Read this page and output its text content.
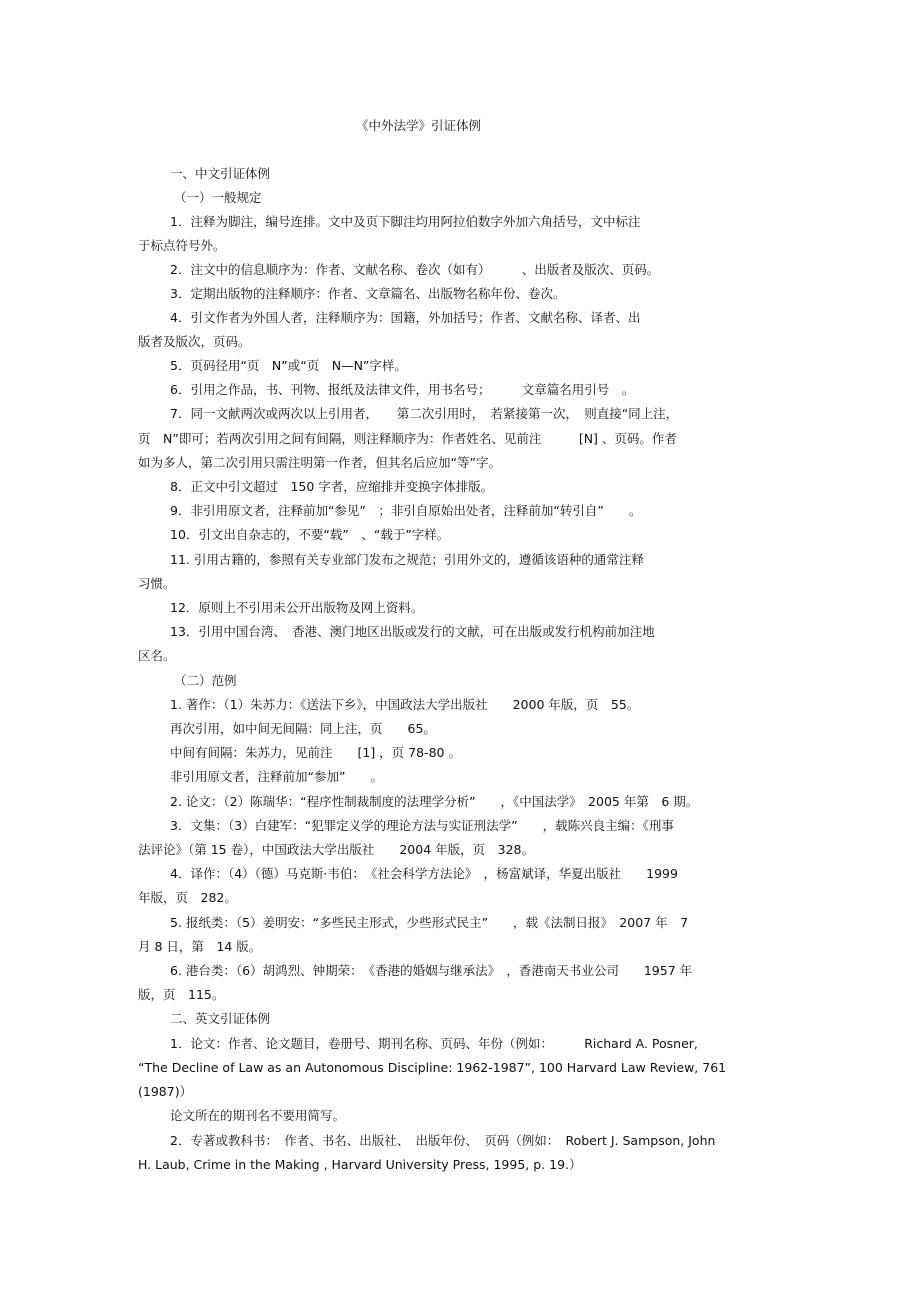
《中外法学》引证体例
一、中文引证体例
（一）一般规定
1．注释为脚注，编号连排。文中及页下脚注均用阿拉伯数字外加六角括号，文中标注
于标点符号外。
2．注文中的信息顺序为：作者、文献名称、卷次（如有）　　　、出版者及版次、页码。
3．定期出版物的注释顺序：作者、文章篇名、出版物名称年份、卷次。
4．引文作者为外国人者，注释顺序为：国籍，外加括号；作者、文献名称、译者、出
版者及版次，页码。
5．页码径用“页　N”或“页　N—N”字样。
6．引用之作品，书、刊物、报纸及法律文件，用书名号；　　　文章篇名用引号　。
7．同一文献两次或两次以上引用者，　　第二次引用时，　若紧接第一次，　则直接“同上注，
页　N”即可；若两次引用之间有间隔，则注释顺序为：作者姓名、见前注　　　[N] 、页码。作者
如为多人，第二次引用只需注明第一作者，但其名后应加“等”字。
8．正文中引文超过　150 字者，应缩排并变换字体排版。
9．非引用原文者，注释前加“参见”　；非引自原始出处者，注释前加“转引自”　　。
10．引文出自杂志的，不要“载”　、“载于”字样。
11. 引用古籍的，参照有关专业部门发布之规范；引用外文的，遵循该语种的通常注释
习惯。
12．原则上不引用未公开出版物及网上资料。
13．引用中国台湾、　香港、澳门地区出版或发行的文献，可在出版或发行机构前加注地
区名。
（二）范例
1. 著作：（1）朱苏力：《送法下乡》，中国政法大学出版社　　2000 年版，页　55。
再次引用，如中间无间隔：同上注，页　　65。
中间有间隔：朱苏力，见前注　　[1] ，页 78-80 。
非引用原文者，注释前加“参加”　　。
2. 论文：（2）陈瑞华：“程序性制裁制度的法理学分析”　　，《中国法学》　2005 年第　6 期。
3．文集：（3）白建军：“犯罪定义学的理论方法与实证刑法学”　　，载陈兴良主编：《刑事
法评论》（第 15 卷），中国政法大学出版社　　2004 年版，页　328。
4．译作：（4）（德）马克斯·韦伯：　《社会科学方法论》　，杨富斌译，华夏出版社　　1999
年版，页　282。
5. 报纸类：（5）姜明安：“多些民主形式，少些形式民主”　　，载《法制日报》　2007 年　7
月 8 日，第　14 版。
6. 港台类：（6）胡鸿烈、钟期荣：　《香港的婚姻与继承法》　，香港南天书业公司　　1957 年
版，页　115。
二、英文引证体例
1．论文：作者、论文题目，卷册号、期刊名称、页码、年份（例如：　　　Richard A. Posner,
“The Decline of Law as an Autonomous Discipline: 1962-1987”, 100 Harvard Law Review, 761
(1987)）
论文所在的期刊名不要用简写。
2．专著或教科书：　作者、书名、出版社、　出版年份、　页码（例如：　Robert J. Sampson, John
H. Laub, Crime in the Making , Harvard University Press, 1995, p. 19.）
